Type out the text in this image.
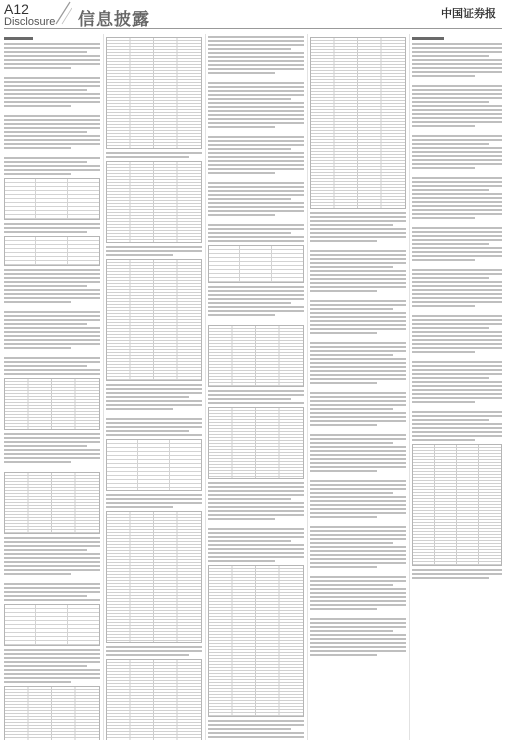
A12
Disclosure 信息披露	中国证券报
